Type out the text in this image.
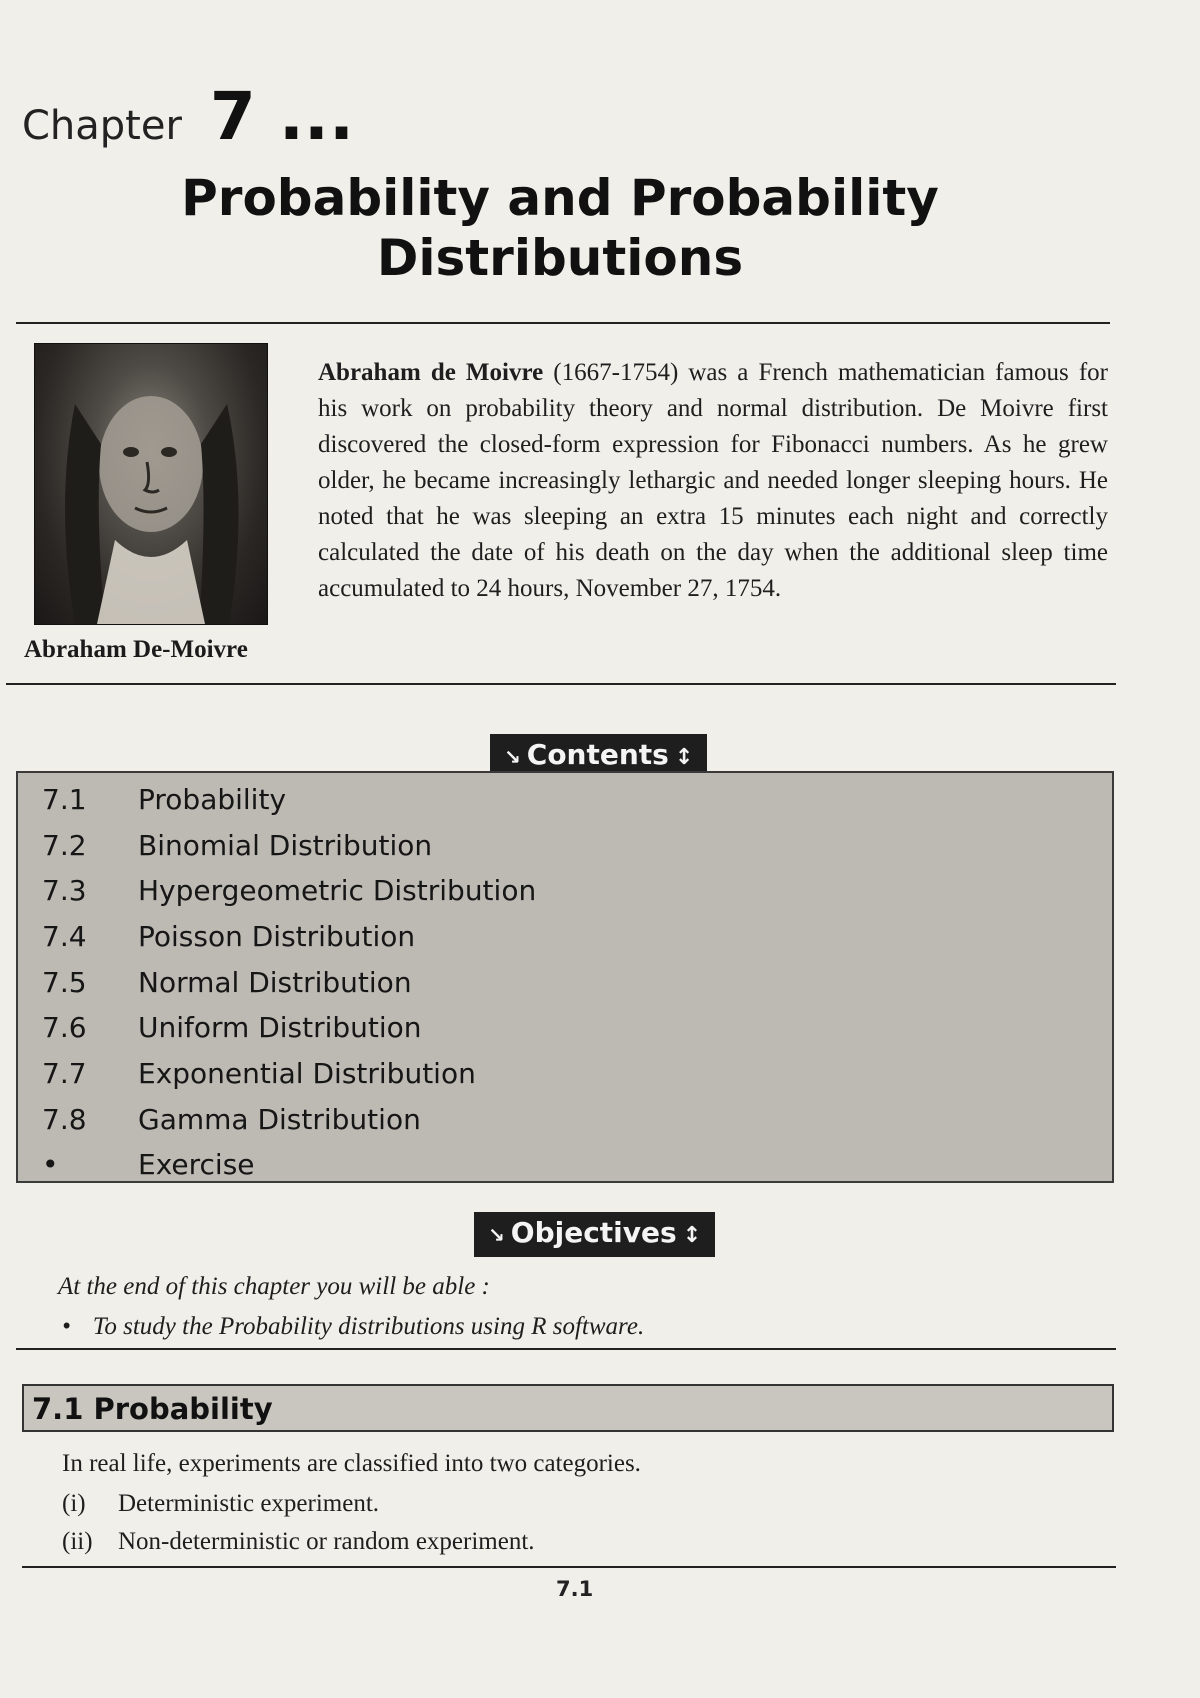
Chapter 7 ...
Probability and Probability
Distributions
Abraham De-Moivre
Abraham de Moivre (1667-1754) was a French mathematician famous for his work on probability theory and normal distribution. De Moivre first discovered the closed-form expression for Fibonacci numbers. As he grew older, he became increasingly lethargic and needed longer sleeping hours. He noted that he was sleeping an extra 15 minutes each night and correctly calculated the date of his death on the day when the additional sleep time accumulated to 24 hours, November 27, 1754.
↘ Contents ↕
7.1	Probability
7.2	Binomial Distribution
7.3	Hypergeometric Distribution
7.4	Poisson Distribution
7.5	Normal Distribution
7.6	Uniform Distribution
7.7	Exponential Distribution
7.8	Gamma Distribution
•	Exercise
↘ Objectives ↕
At the end of this chapter you will be able :
• To study the Probability distributions using R software.
7.1 Probability
In real life, experiments are classified into two categories.
(i)	Deterministic experiment.
(ii)	Non-deterministic or random experiment.
7.1
